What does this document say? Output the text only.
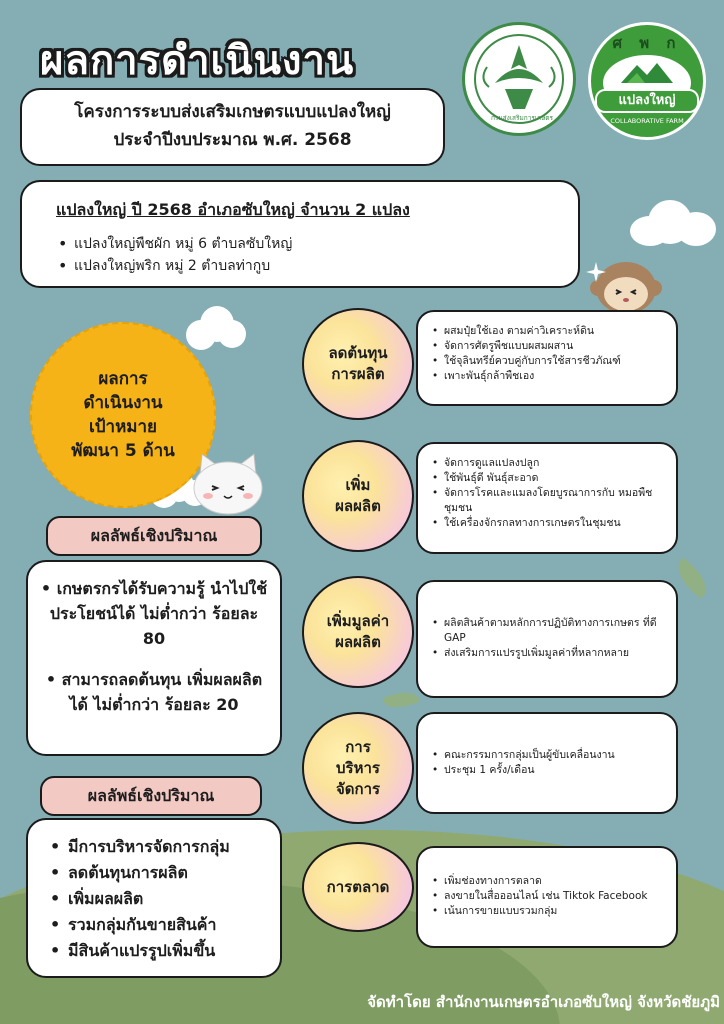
ผลการดำเนินงาน
กรมส่งเสริมการเกษตร
ศ พ ก
แปลงใหญ่
COLLABORATIVE FARM
โครงการระบบส่งเสริมเกษตรแบบแปลงใหญ่
ประจำปีงบประมาณ พ.ศ. 2568
แปลงใหญ่ ปี 2568 อำเภอซับใหญ่ จำนวน 2 แปลง
• แปลงใหญ่พืชผัก หมู่ 6 ตำบลซับใหญ่
• แปลงใหญ่พริก หมู่ 2 ตำบลท่ากูบ
ผลการ
ดำเนินงาน
เป้าหมาย
พัฒนา 5 ด้าน
ผลลัพธ์เชิงปริมาณ

• เกษตรกรได้รับความรู้ นำไปใช้ประโยชน์ได้ ไม่ต่ำกว่า ร้อยละ 80

• สามารถลดต้นทุน เพิ่มผลผลิตได้ ไม่ต่ำกว่า ร้อยละ 20

ผลลัพธ์เชิงปริมาณ
• มีการบริหารจัดการกลุ่ม
• ลดต้นทุนการผลิต
• เพิ่มผลผลิต
• รวมกลุ่มกันขายสินค้า
• มีสินค้าแปรรูปเพิ่มขึ้น
ลดต้นทุน
การผลิต
• ผสมปุ๋ยใช้เอง ตามค่าวิเคราะห์ดิน
• จัดการศัตรูพืชแบบผสมผสาน
• ใช้จุลินทรีย์ควบคู่กับการใช้สารชีวภัณฑ์
• เพาะพันธุ์กล้าพืชเอง
เพิ่ม
ผลผลิต
• จัดการดูแลแปลงปลูก
• ใช้พันธุ์ดี พันธุ์สะอาด
• จัดการโรคและแมลงโดยบูรณาการกับ หมอพืชชุมชน
• ใช้เครื่องจักรกลทางการเกษตรในชุมชน
เพิ่มมูลค่า
ผลผลิต
• ผลิตสินค้าตามหลักการปฏิบัติทางการเกษตร ที่ดี GAP
• ส่งเสริมการแปรรูปเพิ่มมูลค่าที่หลากหลาย
การ
บริหาร
จัดการ
• คณะกรรมการกลุ่มเป็นผู้ขับเคลื่อนงาน
• ประชุม 1 ครั้ง/เดือน
การตลาด	• เพิ่มช่องทางการตลาด
• ลงขายในสื่อออนไลน์ เช่น Tiktok Facebook
• เน้นการขายแบบรวมกลุ่ม
จัดทำโดย สำนักงานเกษตรอำเภอซับใหญ่ จังหวัดชัยภูมิ
